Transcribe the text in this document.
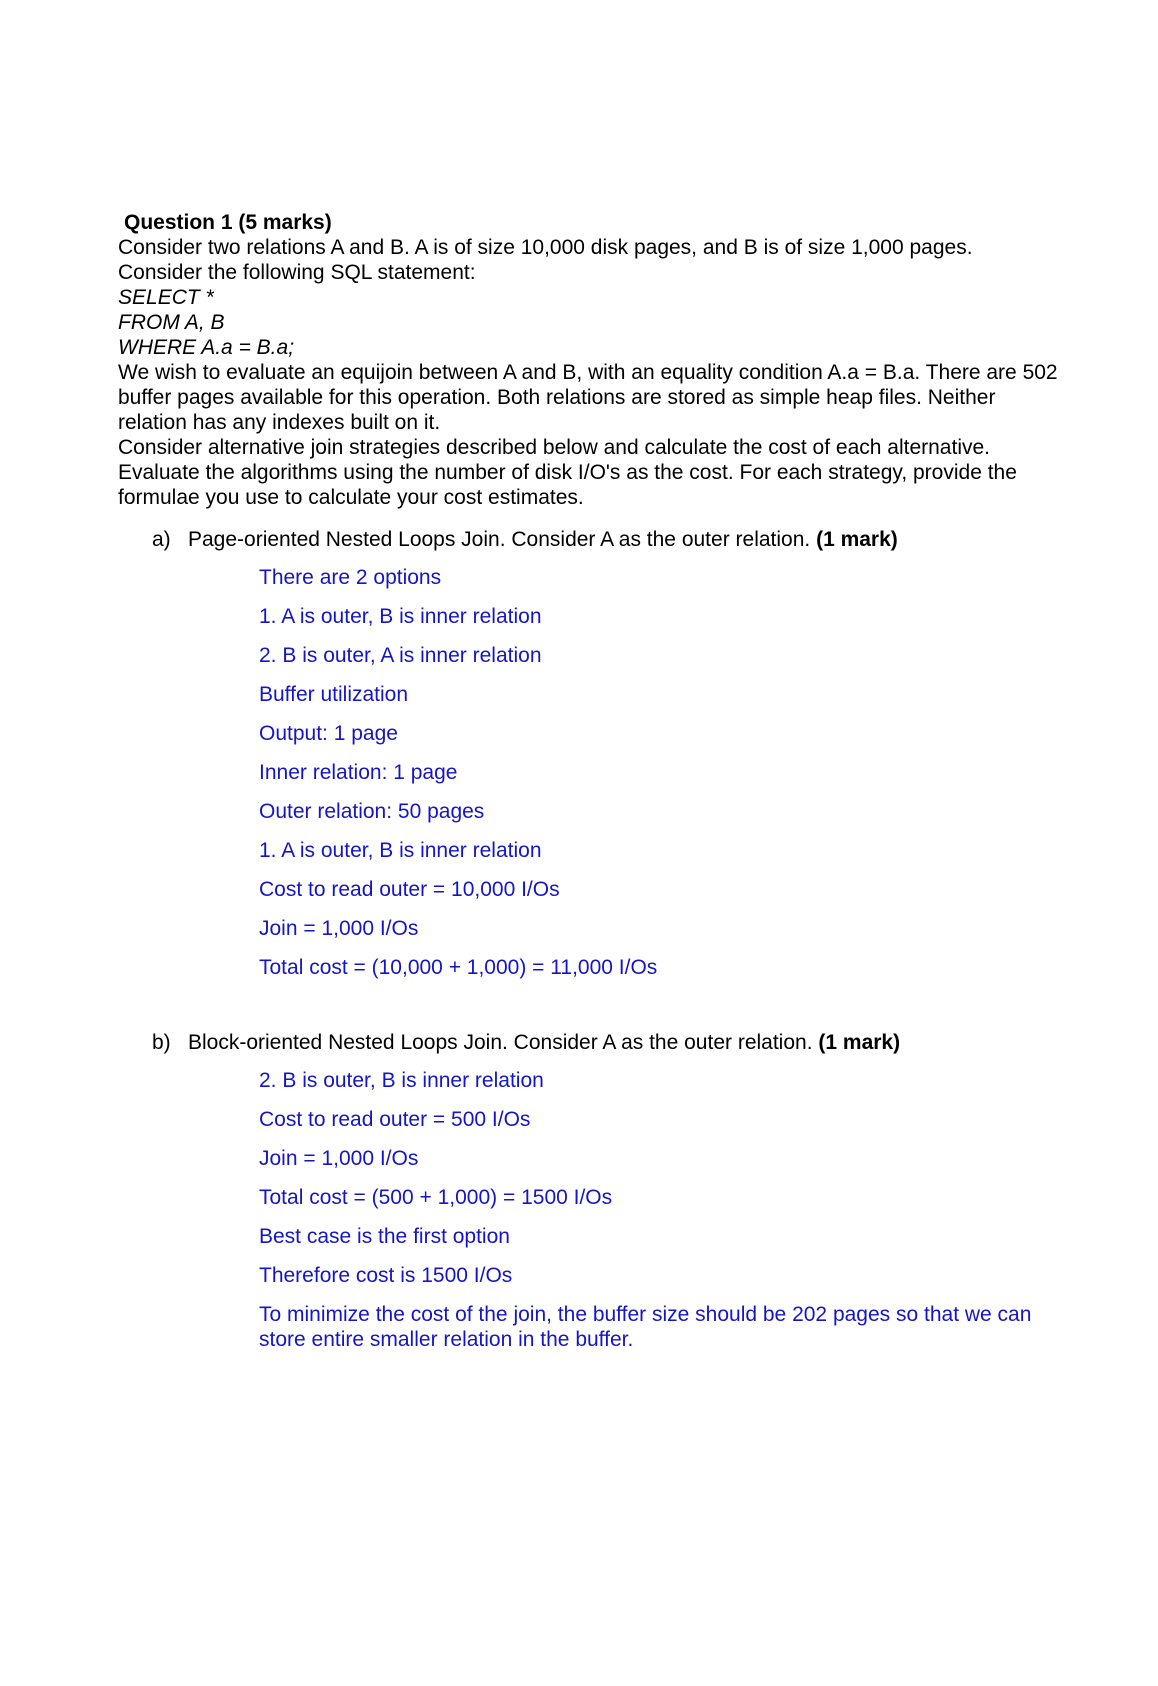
Question 1 (5 marks)
Consider two relations A and B. A is of size 10,000 disk pages, and B is of size 1,000 pages.
Consider the following SQL statement:
SELECT *
FROM A, B
WHERE A.a = B.a;
We wish to evaluate an equijoin between A and B, with an equality condition A.a = B.a. There are 502 buffer pages available for this operation. Both relations are stored as simple heap files. Neither relation has any indexes built on it.
Consider alternative join strategies described below and calculate the cost of each alternative. Evaluate the algorithms using the number of disk I/O's as the cost. For each strategy, provide the formulae you use to calculate your cost estimates.
a) Page-oriented Nested Loops Join. Consider A as the outer relation. (1 mark)
There are 2 options
1. A is outer, B is inner relation
2. B is outer, A is inner relation
Buffer utilization
Output: 1 page
Inner relation: 1 page
Outer relation: 50 pages
1. A is outer, B is inner relation
Cost to read outer = 10,000 I/Os
Join = 1,000 I/Os
Total cost = (10,000 + 1,000) = 11,000 I/Os
b) Block-oriented Nested Loops Join. Consider A as the outer relation. (1 mark)
2. B is outer, B is inner relation
Cost to read outer = 500 I/Os
Join = 1,000 I/Os
Total cost = (500 + 1,000) = 1500 I/Os
Best case is the first option
Therefore cost is 1500 I/Os
To minimize the cost of the join, the buffer size should be 202 pages so that we can store entire smaller relation in the buffer.
